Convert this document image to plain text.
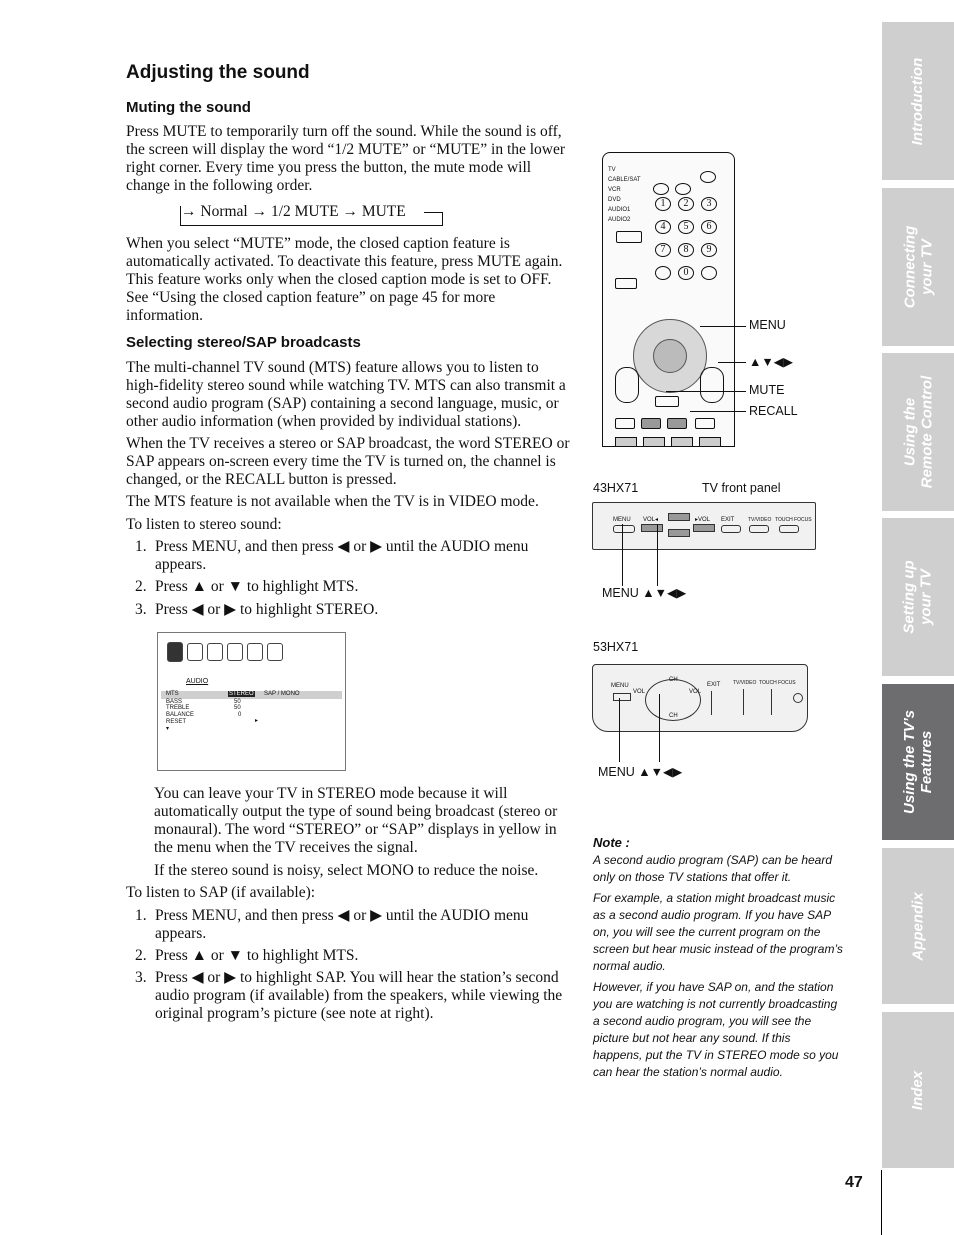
Adjusting the sound
Muting the sound

Press MUTE to temporarily turn off the sound. While the sound is off, the screen will display the word “1/2 MUTE” or “MUTE” in the lower right corner. Every time you press the button, the mute mode will change in the following order.

→ Normal → 1/2 MUTE → MUTE

When you select “MUTE” mode, the closed caption feature is automatically activated. To deactivate this feature, press MUTE again. This feature works only when the closed caption mode is set to OFF. See “Using the closed caption feature” on page 45 for more information.

Selecting stereo/SAP broadcasts

The multi-channel TV sound (MTS) feature allows you to listen to high-fidelity stereo sound while watching TV. MTS can also transmit a second audio program (SAP) containing a second language, music, or other audio information (when provided by individual stations).

When the TV receives a stereo or SAP broadcast, the word STEREO or SAP appears on-screen every time the TV is turned on, the channel is changed, or the RECALL button is pressed.

The MTS feature is not available when the TV is in VIDEO mode.

To listen to stereo sound:

1. Press MENU, and then press ◀ or ▶ until the AUDIO menu appears.
2. Press ▲ or ▼ to highlight MTS.
3. Press ◀ or ▶ to highlight STEREO.
AUDIO
MTS	STEREO SAP / MONO
BASS	50
TREBLE	50
BALANCE	0
▸
RESET
▾

You can leave your TV in STEREO mode because it will automatically output the type of sound being broadcast (stereo or monaural). The word “STEREO” or “SAP” displays in yellow in the menu when the TV receives the signal.

If the stereo sound is noisy, select MONO to reduce the noise.

To listen to SAP (if available):

1. Press MENU, and then press ◀ or ▶ until the AUDIO menu appears.
2. Press ▲ or ▼ to highlight MTS.
3. Press ◀ or ▶ to highlight SAP. You will hear the station’s second audio program (if available) from the speakers, while viewing the original program’s picture (see note at right).
TV
CABLE/SAT
VCR
DVD
AUDIO1
AUDIO2
1	2	3
4	5	6
7	8	9
0
MENU
▲▼◀▶
MUTE
RECALL
43HX71	TV front panel
MENU VOL◂	▸VOL EXIT	TV/VIDEO TOUCH FOCUS
MENU ▲▼◀▶
53HX71
MENU
VOL	VOL
CH
CH
EXIT	TV/VIDEO TOUCH FOCUS
MENU ▲▼◀▶
Note :

A second audio program (SAP) can be heard only on those TV stations that offer it.

For example, a station might broadcast music as a second audio program. If you have SAP on, you will see the current program on the screen but hear music instead of the program’s normal audio.

However, if you have SAP on, and the station you are watching is not currently broadcasting a second audio program, you will see the picture but not hear any sound. If this happens, put the TV in STEREO mode so you can hear the station’s normal audio.

Introduction
Connecting
your TV
Using the
Remote Control
Setting up
your TV
Using the TV’s
Features
Appendix
Index
47
